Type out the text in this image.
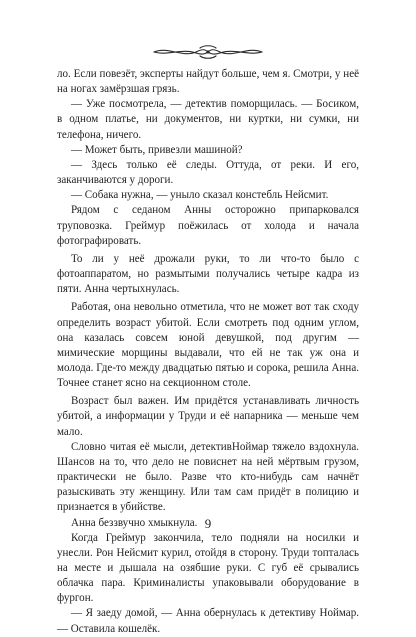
ло. Если повезёт, эксперты найдут больше, чем я. Смотри, у неё на ногах замёрзшая грязь.

— Уже посмотрела, — детектив поморщилась. — Босиком, в одном платье, ни документов, ни куртки, ни сумки, ни телефона, ничего.

— Может быть, привезли машиной?

— Здесь только её следы. Оттуда, от реки. И его, заканчиваются у дороги.

— Собака нужна, — уныло сказал констебль Нейсмит.

Рядом с седаном Анны осторожно припарковался труповозка. Греймур поёжилась от холода и начала фотографировать.

То ли у неё дрожали руки, то ли что-то было с фотоаппаратом, но размытыми получались четыре кадра из пяти. Анна чертыхнулась.

Работая, она невольно отметила, что не может вот так сходу определить возраст убитой. Если смотреть под одним углом, она казалась совсем юной девушкой, под другим — мимические морщины выдавали, что ей не так уж она и молода. Где-то между двадцатью пятью и сорока, решила Анна. Точнее станет ясно на секционном столе.

Возраст был важен. Им придётся устанавливать личность убитой, а информации у Труди и её напарника — меньше чем мало.

Словно читая её мысли, детективНоймар тяжело вздохнула. Шансов на то, что дело не повиснет на ней мёртвым грузом, практически не было. Разве что кто-нибудь сам начнёт разыскивать эту женщину. Или там сам придёт в полицию и признается в убийстве.

Анна беззвучно хмыкнула.

Когда Греймур закончила, тело подняли на носилки и унесли. Рон Нейсмит курил, отойдя в сторону. Труди топталась на месте и дышала на озябшие руки. С губ её срывались облачка пара. Криминалисты упаковывали оборудование в фургон.

— Я заеду домой, — Анна обернулась к детективу Ноймар. — Оставила кошелёк.

9
